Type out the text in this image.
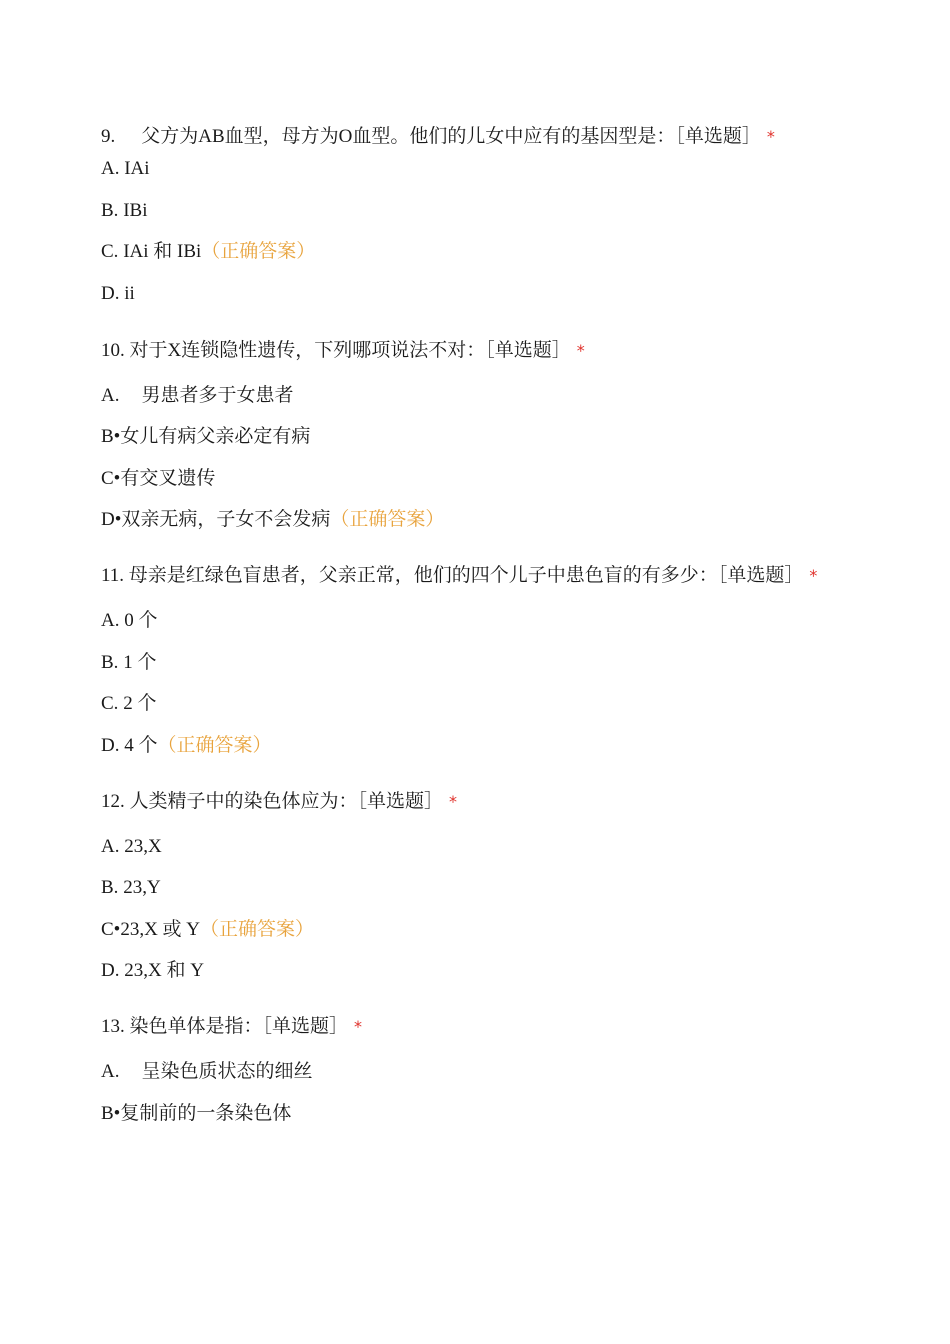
9. 父方为AB血型，母方为O血型。他们的儿女中应有的基因型是：［单选题］ *
A. IAi
B. IBi
C. IAi 和 IBi（正确答案）
D. ii
10. 对于X连锁隐性遗传，下列哪项说法不对：［单选题］ *
A. 男患者多于女患者
B•女儿有病父亲必定有病
C•有交叉遗传
D•双亲无病，子女不会发病（正确答案）
11. 母亲是红绿色盲患者，父亲正常，他们的四个儿子中患色盲的有多少：［单选题］ *
A. 0 个
B. 1 个
C. 2 个
D. 4 个（正确答案）
12. 人类精子中的染色体应为：［单选题］ *
A. 23,X
B. 23,Y
C•23,X 或 Y（正确答案）
D. 23,X 和 Y
13. 染色单体是指：［单选题］ *
A. 呈染色质状态的细丝
B•复制前的一条染色体
